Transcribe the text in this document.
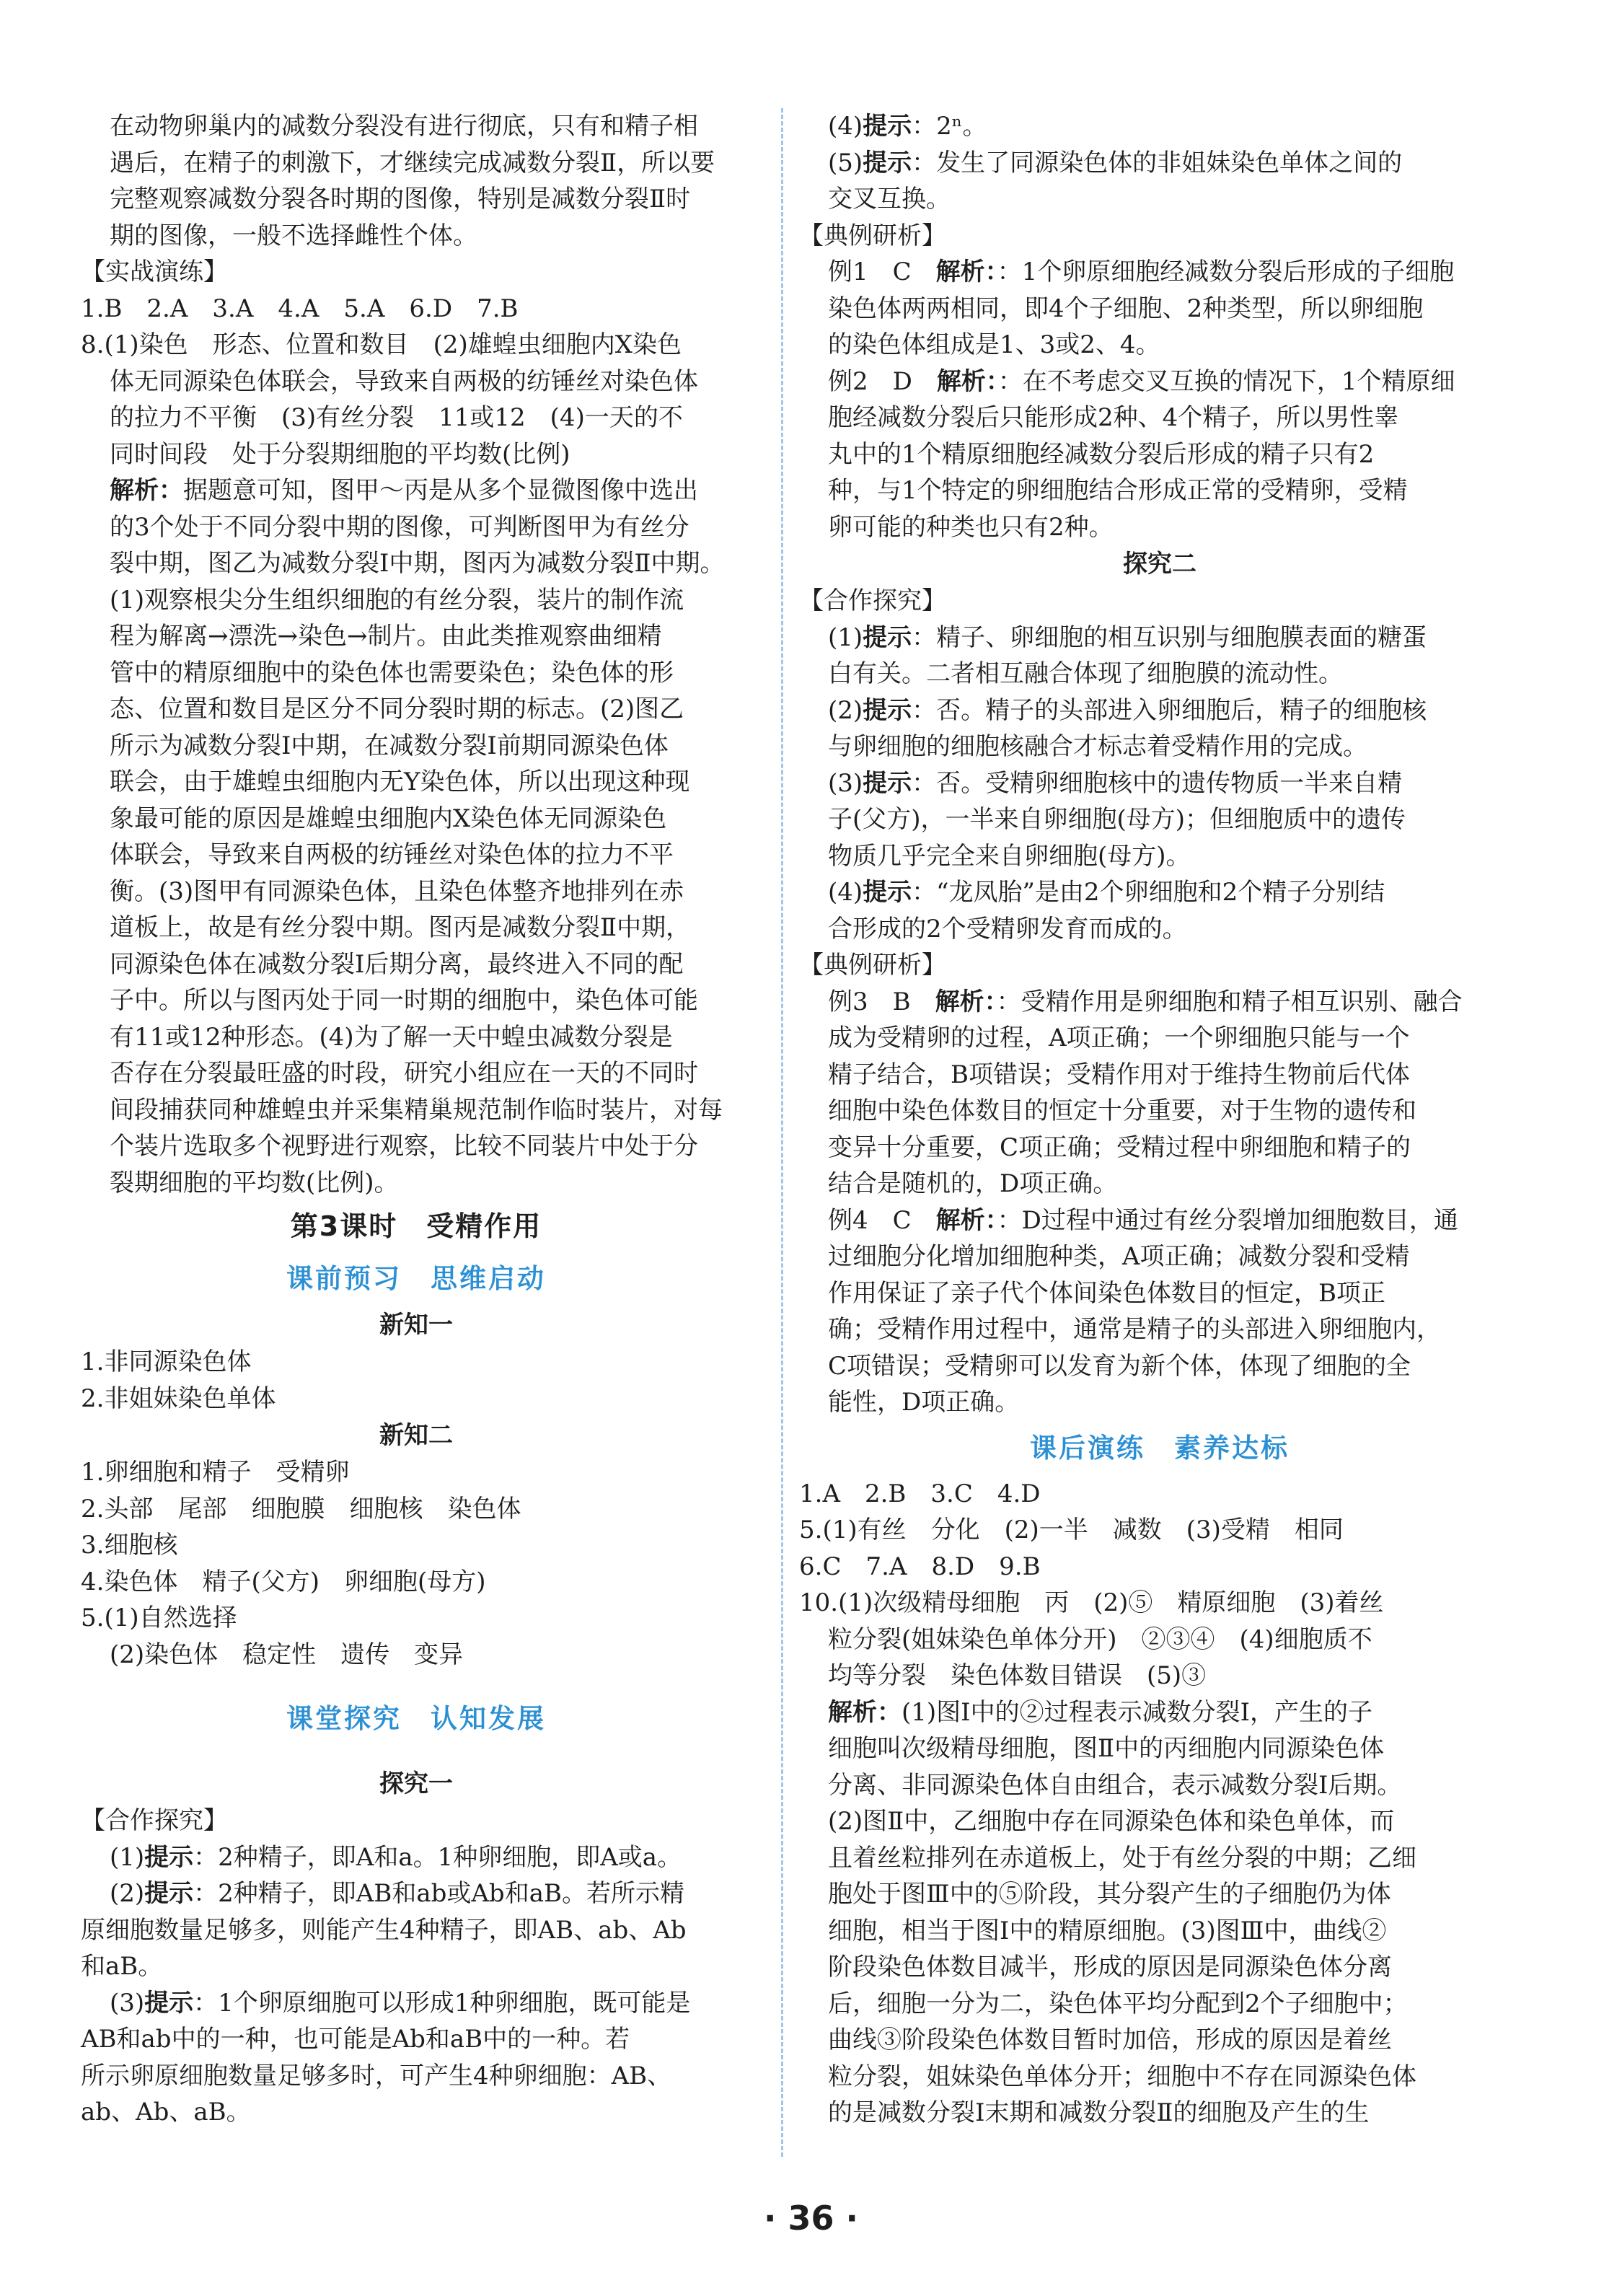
在动物卵巢内的减数分裂没有进行彻底，只有和精子相

遇后，在精子的刺激下，才继续完成减数分裂Ⅱ，所以要

完整观察减数分裂各时期的图像，特别是减数分裂Ⅱ时

期的图像，一般不选择雌性个体。

【实战演练】

1.B　2.A　3.A　4.A　5.A　6.D　7.B

8.(1)染色　形态、位置和数目　(2)雄蝗虫细胞内X染色

体无同源染色体联会，导致来自两极的纺锤丝对染色体

的拉力不平衡　(3)有丝分裂　11或12　(4)一天的不

同时间段　处于分裂期细胞的平均数(比例)

解析：据题意可知，图甲～丙是从多个显微图像中选出

的3个处于不同分裂中期的图像，可判断图甲为有丝分

裂中期，图乙为减数分裂Ⅰ中期，图丙为减数分裂Ⅱ中期。

(1)观察根尖分生组织细胞的有丝分裂，装片的制作流

程为解离→漂洗→染色→制片。由此类推观察曲细精

管中的精原细胞中的染色体也需要染色；染色体的形

态、位置和数目是区分不同分裂时期的标志。(2)图乙

所示为减数分裂Ⅰ中期，在减数分裂Ⅰ前期同源染色体

联会，由于雄蝗虫细胞内无Y染色体，所以出现这种现

象最可能的原因是雄蝗虫细胞内X染色体无同源染色

体联会，导致来自两极的纺锤丝对染色体的拉力不平

衡。(3)图甲有同源染色体，且染色体整齐地排列在赤

道板上，故是有丝分裂中期。图丙是减数分裂Ⅱ中期，

同源染色体在减数分裂Ⅰ后期分离，最终进入不同的配

子中。所以与图丙处于同一时期的细胞中，染色体可能

有11或12种形态。(4)为了解一天中蝗虫减数分裂是

否存在分裂最旺盛的时段，研究小组应在一天的不同时

间段捕获同种雄蝗虫并采集精巢规范制作临时装片，对每

个装片选取多个视野进行观察，比较不同装片中处于分

裂期细胞的平均数(比例)。

第3课时　受精作用
课前预习　思维启动
新知一

1.非同源染色体

2.非姐妹染色单体

新知二

1.卵细胞和精子　受精卵

2.头部　尾部　细胞膜　细胞核　染色体

3.细胞核

4.染色体　精子(父方)　卵细胞(母方)

5.(1)自然选择

(2)染色体　稳定性　遗传　变异

课堂探究　认知发展
探究一

【合作探究】

(1)提示：2种精子，即A和a。1种卵细胞，即A或a。

(2)提示：2种精子，即AB和ab或Ab和aB。若所示精

原细胞数量足够多，则能产生4种精子，即AB、ab、Ab

和aB。

(3)提示：1个卵原细胞可以形成1种卵细胞，既可能是

AB和ab中的一种，也可能是Ab和aB中的一种。若

所示卵原细胞数量足够多时，可产生4种卵细胞：AB、

ab、Ab、aB。

(4)提示：2ⁿ。

(5)提示：发生了同源染色体的非姐妹染色单体之间的

交叉互换。

【典例研析】

例1　C　解析：：1个卵原细胞经减数分裂后形成的子细胞

染色体两两相同，即4个子细胞、2种类型，所以卵细胞

的染色体组成是1、3或2、4。

例2　D　解析：：在不考虑交叉互换的情况下，1个精原细

胞经减数分裂后只能形成2种、4个精子，所以男性睾

丸中的1个精原细胞经减数分裂后形成的精子只有2

种，与1个特定的卵细胞结合形成正常的受精卵，受精

卵可能的种类也只有2种。

探究二

【合作探究】

(1)提示：精子、卵细胞的相互识别与细胞膜表面的糖蛋

白有关。二者相互融合体现了细胞膜的流动性。

(2)提示：否。精子的头部进入卵细胞后，精子的细胞核

与卵细胞的细胞核融合才标志着受精作用的完成。

(3)提示：否。受精卵细胞核中的遗传物质一半来自精

子(父方)，一半来自卵细胞(母方)；但细胞质中的遗传

物质几乎完全来自卵细胞(母方)。

(4)提示：“龙凤胎”是由2个卵细胞和2个精子分别结

合形成的2个受精卵发育而成的。

【典例研析】

例3　B　解析：：受精作用是卵细胞和精子相互识别、融合

成为受精卵的过程，A项正确；一个卵细胞只能与一个

精子结合，B项错误；受精作用对于维持生物前后代体

细胞中染色体数目的恒定十分重要，对于生物的遗传和

变异十分重要，C项正确；受精过程中卵细胞和精子的

结合是随机的，D项正确。

例4　C　解析：：D过程中通过有丝分裂增加细胞数目，通

过细胞分化增加细胞种类，A项正确；减数分裂和受精

作用保证了亲子代个体间染色体数目的恒定，B项正

确；受精作用过程中，通常是精子的头部进入卵细胞内，

C项错误；受精卵可以发育为新个体，体现了细胞的全

能性，D项正确。

课后演练　素养达标

1.A　2.B　3.C　4.D

5.(1)有丝　分化　(2)一半　减数　(3)受精　相同

6.C　7.A　8.D　9.B

10.(1)次级精母细胞　丙　(2)⑤　精原细胞　(3)着丝

粒分裂(姐妹染色单体分开)　②③④　(4)细胞质不

均等分裂　染色体数目错误　(5)③

解析：(1)图Ⅰ中的②过程表示减数分裂Ⅰ，产生的子

细胞叫次级精母细胞，图Ⅱ中的丙细胞内同源染色体

分离、非同源染色体自由组合，表示减数分裂Ⅰ后期。

(2)图Ⅱ中，乙细胞中存在同源染色体和染色单体，而

且着丝粒排列在赤道板上，处于有丝分裂的中期；乙细

胞处于图Ⅲ中的⑤阶段，其分裂产生的子细胞仍为体

细胞，相当于图Ⅰ中的精原细胞。(3)图Ⅲ中，曲线②

阶段染色体数目减半，形成的原因是同源染色体分离

后，细胞一分为二，染色体平均分配到2个子细胞中；

曲线③阶段染色体数目暂时加倍，形成的原因是着丝

粒分裂，姐妹染色单体分开；细胞中不存在同源染色体

的是减数分裂Ⅰ末期和减数分裂Ⅱ的细胞及产生的生

· 36 ·
